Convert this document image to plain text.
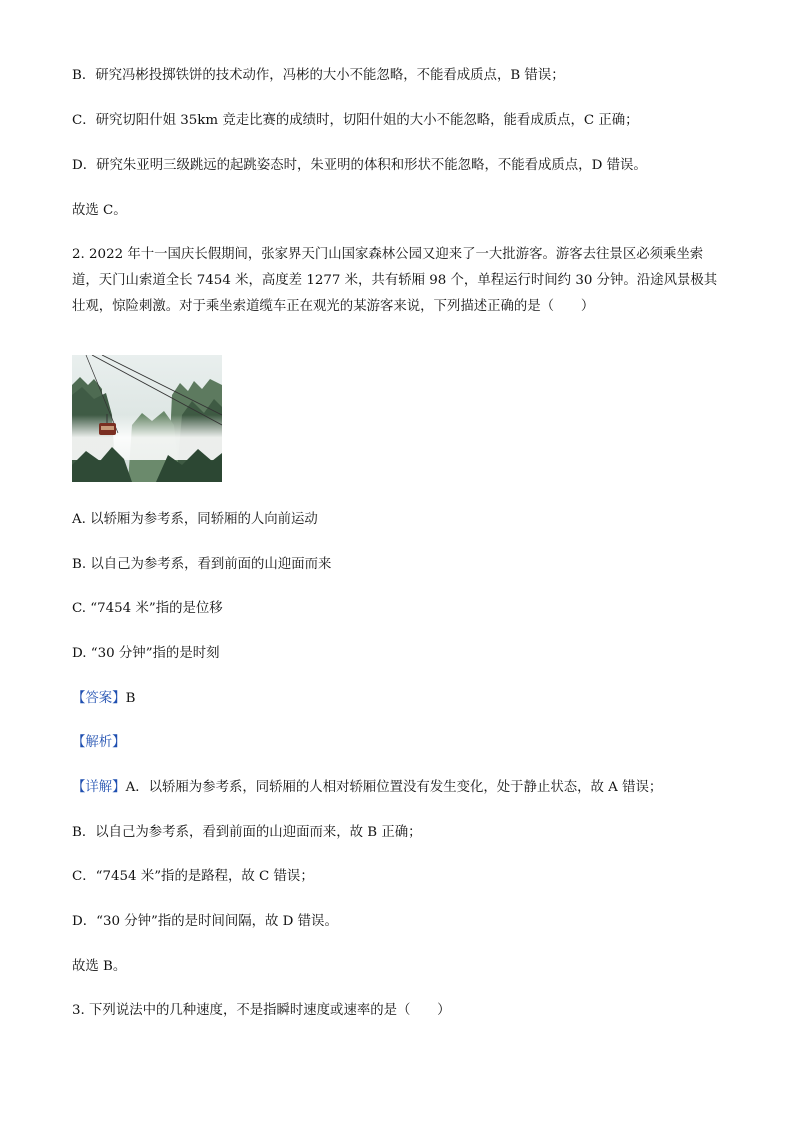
B．研究冯彬投掷铁饼的技术动作，冯彬的大小不能忽略，不能看成质点，B 错误；
C．研究切阳什姐 35km 竞走比赛的成绩时，切阳什姐的大小不能忽略，能看成质点，C 正确；
D．研究朱亚明三级跳远的起跳姿态时，朱亚明的体积和形状不能忽略，不能看成质点，D 错误。
故选 C。
2. 2022 年十一国庆长假期间，张家界天门山国家森林公园又迎来了一大批游客。游客去往景区必须乘坐索道，天门山索道全长 7454 米，高度差 1277 米，共有轿厢 98 个，单程运行时间约 30 分钟。沿途风景极其壮观，惊险刺激。对于乘坐索道缆车正在观光的某游客来说，下列描述正确的是（　　）
A. 以轿厢为参考系，同轿厢的人向前运动
B. 以自己为参考系，看到前面的山迎面而来
C. “7454 米”指的是位移
D. “30 分钟”指的是时刻
【答案】B
【解析】
【详解】A．以轿厢为参考系，同轿厢的人相对轿厢位置没有发生变化，处于静止状态，故 A 错误；
B．以自己为参考系，看到前面的山迎面而来，故 B 正确；
C．“7454 米”指的是路程，故 C 错误；
D．“30 分钟”指的是时间间隔，故 D 错误。
故选 B。
3. 下列说法中的几种速度，不是指瞬时速度或速率的是（　　）
